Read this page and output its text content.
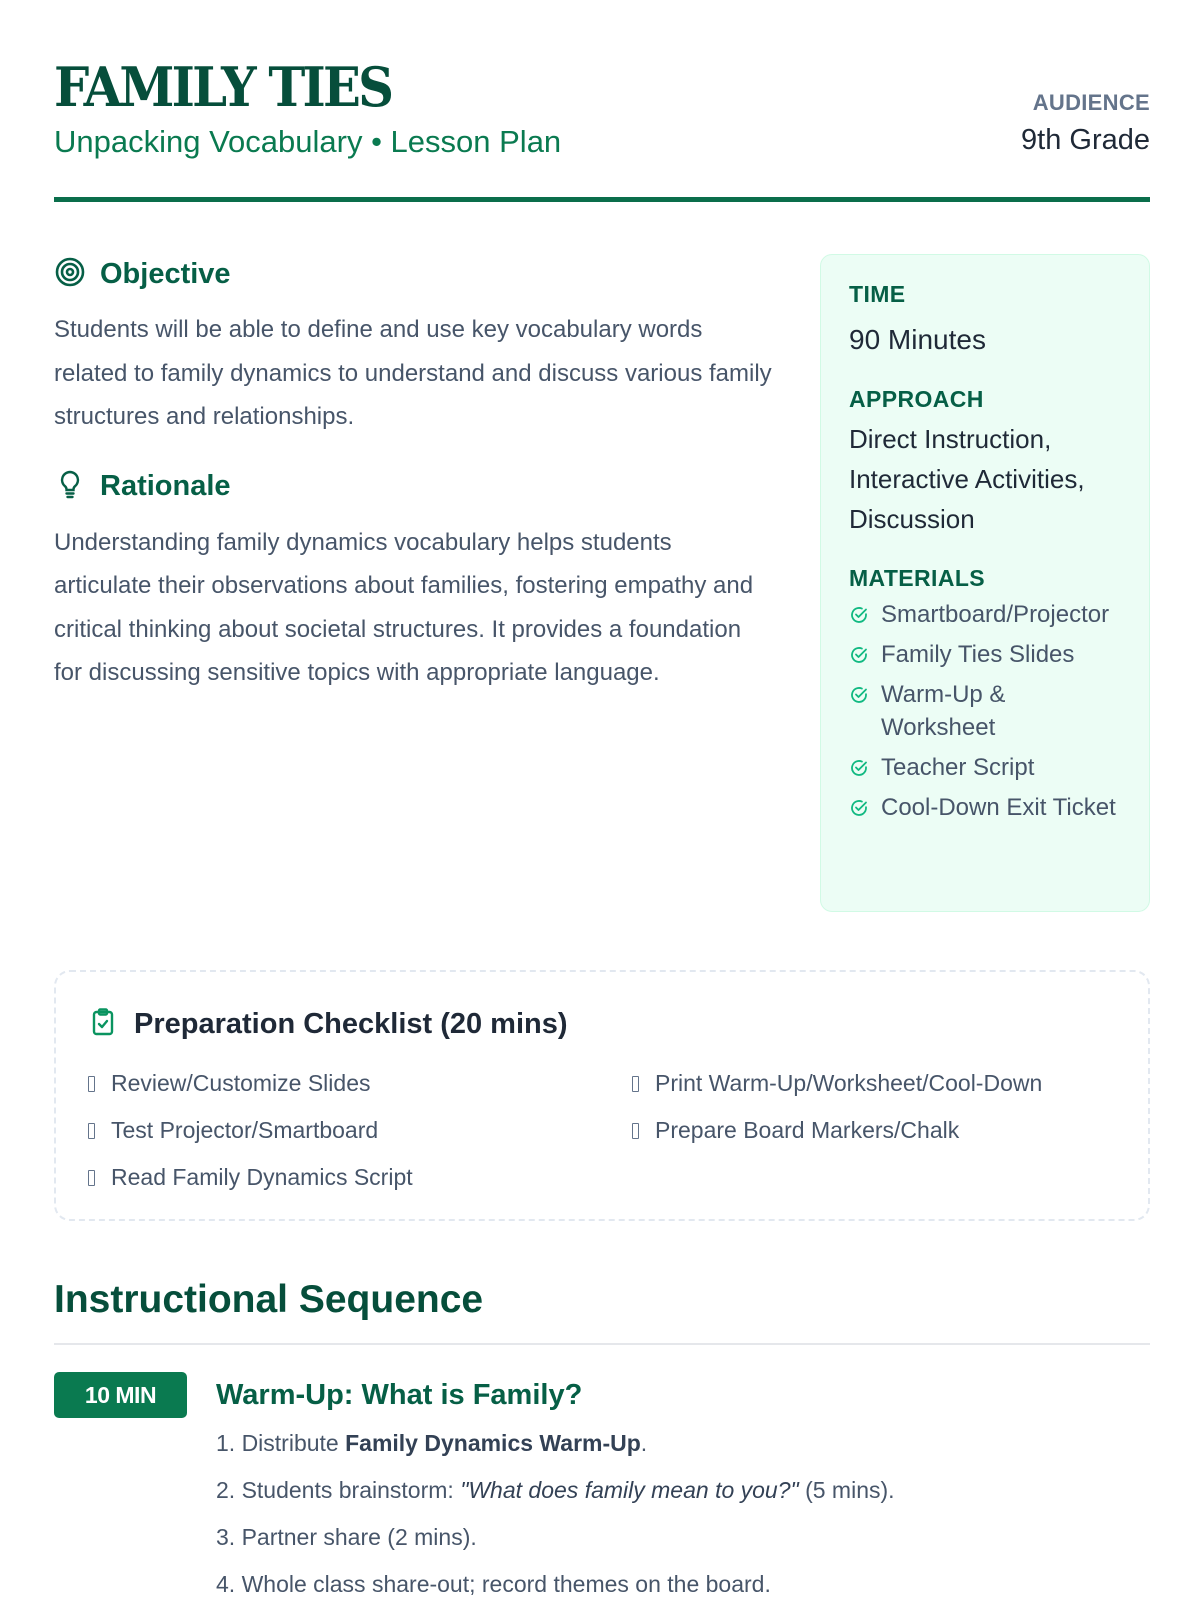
FAMILY TIES
Unpacking Vocabulary • Lesson Plan
AUDIENCE
9th Grade
Objective

Students will be able to define and use key vocabulary words related to family dynamics to understand and discuss various family structures and relationships.

Rationale

Understanding family dynamics vocabulary helps students articulate their observations about families, fostering empathy and critical thinking about societal structures. It provides a foundation for discussing sensitive topics with appropriate language.

TIME
90 Minutes
APPROACH
Direct Instruction, Interactive Activities, Discussion
MATERIALS
Smartboard/Projector
Family Ties Slides
Warm-Up & Worksheet
Teacher Script
Cool-Down Exit Ticket
Preparation Checklist (20 mins)
Review/Customize Slides
Test Projector/Smartboard
Read Family Dynamics Script
Print Warm-Up/Worksheet/Cool-Down
Prepare Board Markers/Chalk
Instructional Sequence
10 MIN	Warm-Up: What is Family?
1. Distribute Family Dynamics Warm-Up.
2. Students brainstorm: "What does family mean to you?" (5 mins).
3. Partner share (2 mins).
4. Whole class share-out; record themes on the board.
